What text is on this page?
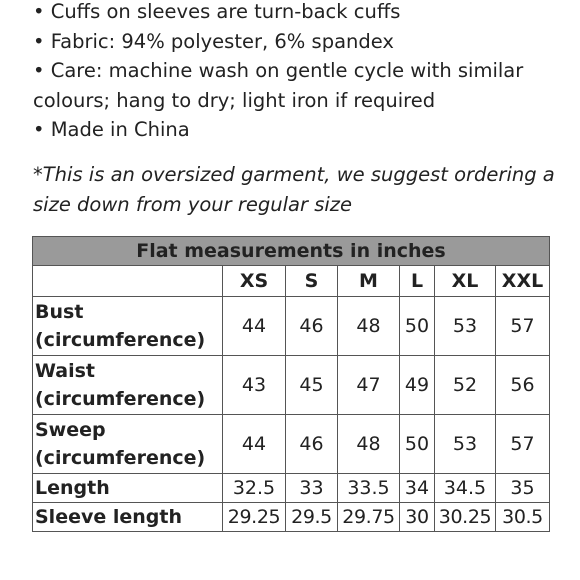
• Cuffs on sleeves are turn-back cuffs

• Fabric: 94% polyester, 6% spandex

• Care: machine wash on gentle cycle with similar colours; hang to dry; light iron if required

• Made in China

*This is an oversized garment, we suggest ordering a size down from your regular size

Flat measurements in inches						
	XS	S	M	L	XL	XXL
Bust (circumference)	44	46	48	50	53	57
Waist (circumference)	43	45	47	49	52	56
Sweep (circumference)	44	46	48	50	53	57
Length	32.5	33	33.5	34	34.5	35
Sleeve length	29.25	29.5	29.75	30	30.25	30.5
